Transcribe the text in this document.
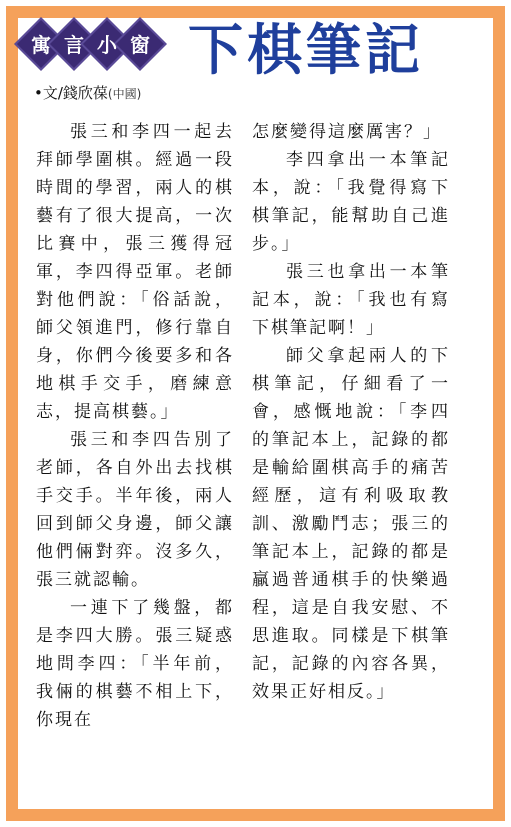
寓 言 小 窗 下棋筆記
•文/錢欣葆(中國)

張三和李四一起去拜師學圍棋。經過一段時間的學習，兩人的棋藝有了很大提高，一次比賽中，張三獲得冠軍，李四得亞軍。老師對他們說：「俗話說，師父領進門，修行靠自身，你們今後要多和各地棋手交手，磨練意志，提高棋藝。」

張三和李四告別了老師，各自外出去找棋手交手。半年後，兩人回到師父身邊，師父讓他們倆對弈。沒多久，張三就認輸。

一連下了幾盤，都是李四大勝。張三疑惑地問李四：「半年前，我倆的棋藝不相上下，你現在

怎麼變得這麼厲害？」

李四拿出一本筆記本，說：「我覺得寫下棋筆記，能幫助自己進步。」

張三也拿出一本筆記本，說：「我也有寫下棋筆記啊！」

師父拿起兩人的下棋筆記，仔細看了一會，感慨地說：「李四的筆記本上，記錄的都是輸給圍棋高手的痛苦經歷，這有利吸取教訓、激勵鬥志；張三的筆記本上，記錄的都是贏過普通棋手的快樂過程，這是自我安慰、不思進取。同樣是下棋筆記，記錄的內容各異，效果正好相反。」
